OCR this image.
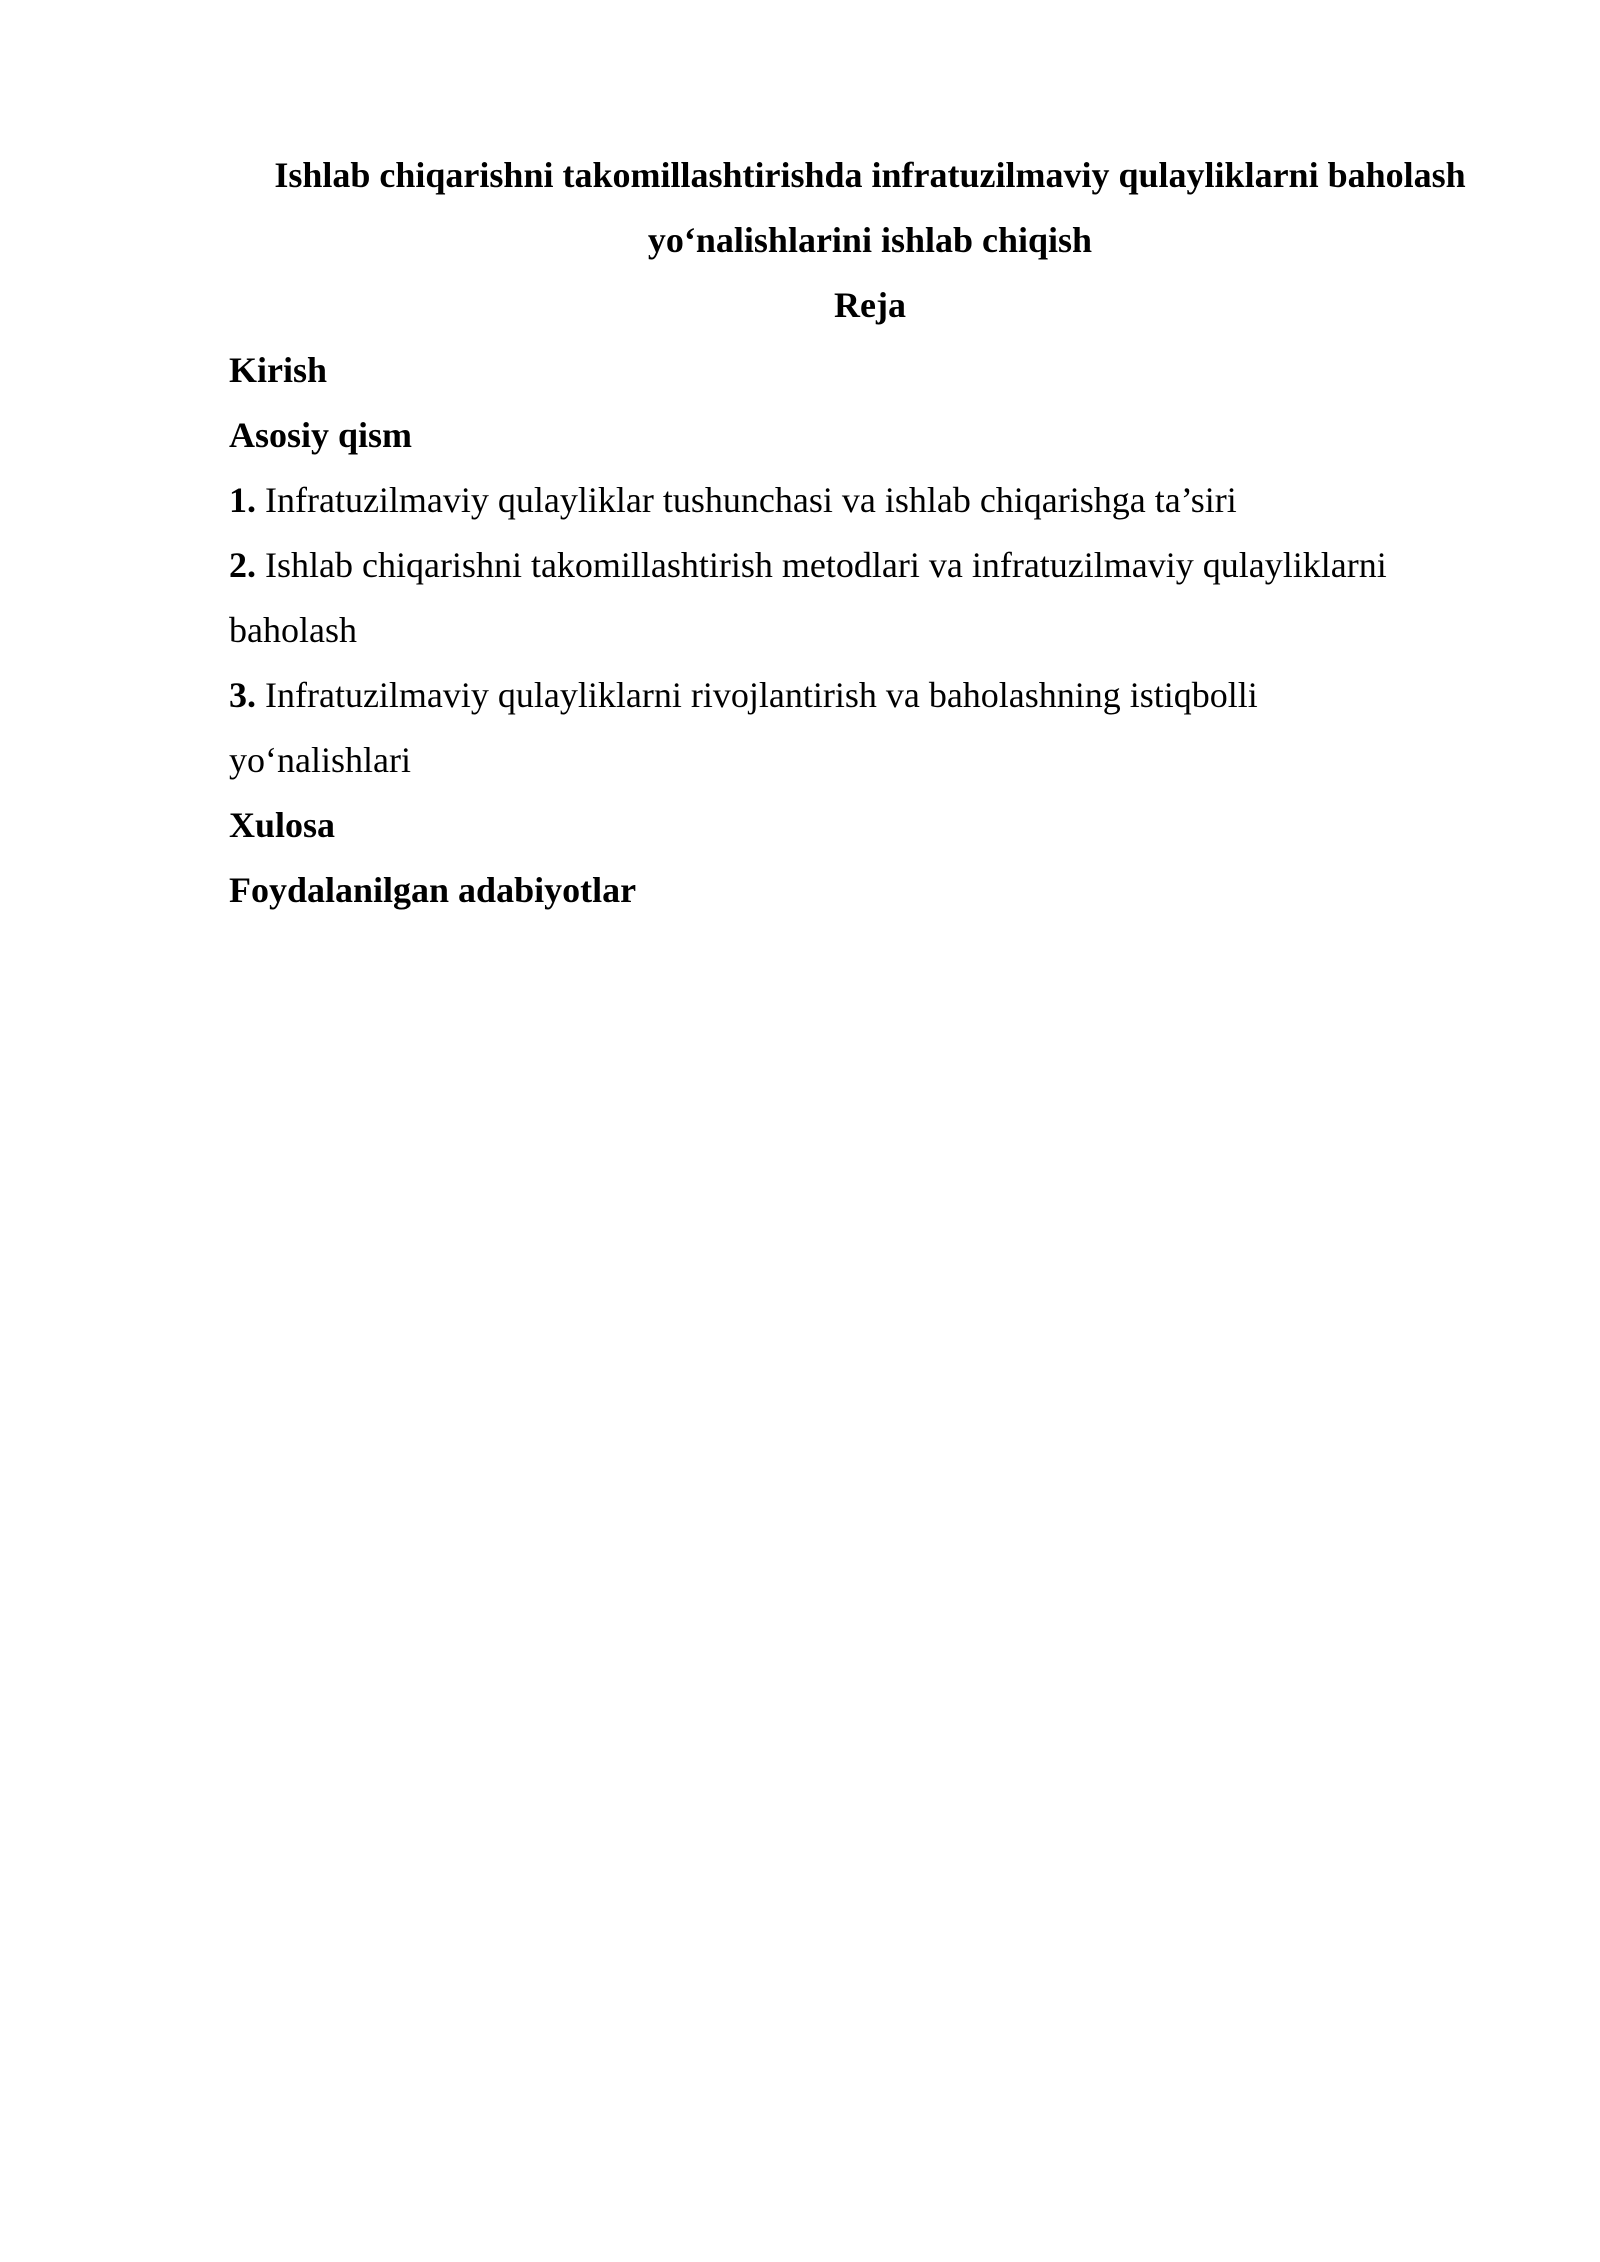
Ishlab chiqarishni takomillashtirishda infratuzilmaviy qulayliklarni baholash
yo‘nalishlarini ishlab chiqish

Reja

Kirish

Asosiy qism

1. Infratuzilmaviy qulayliklar tushunchasi va ishlab chiqarishga ta’siri

2. Ishlab chiqarishni takomillashtirish metodlari va infratuzilmaviy qulayliklarni baholash

3. Infratuzilmaviy qulayliklarni rivojlantirish va baholashning istiqbolli yo‘nalishlari

Xulosa

Foydalanilgan adabiyotlar
